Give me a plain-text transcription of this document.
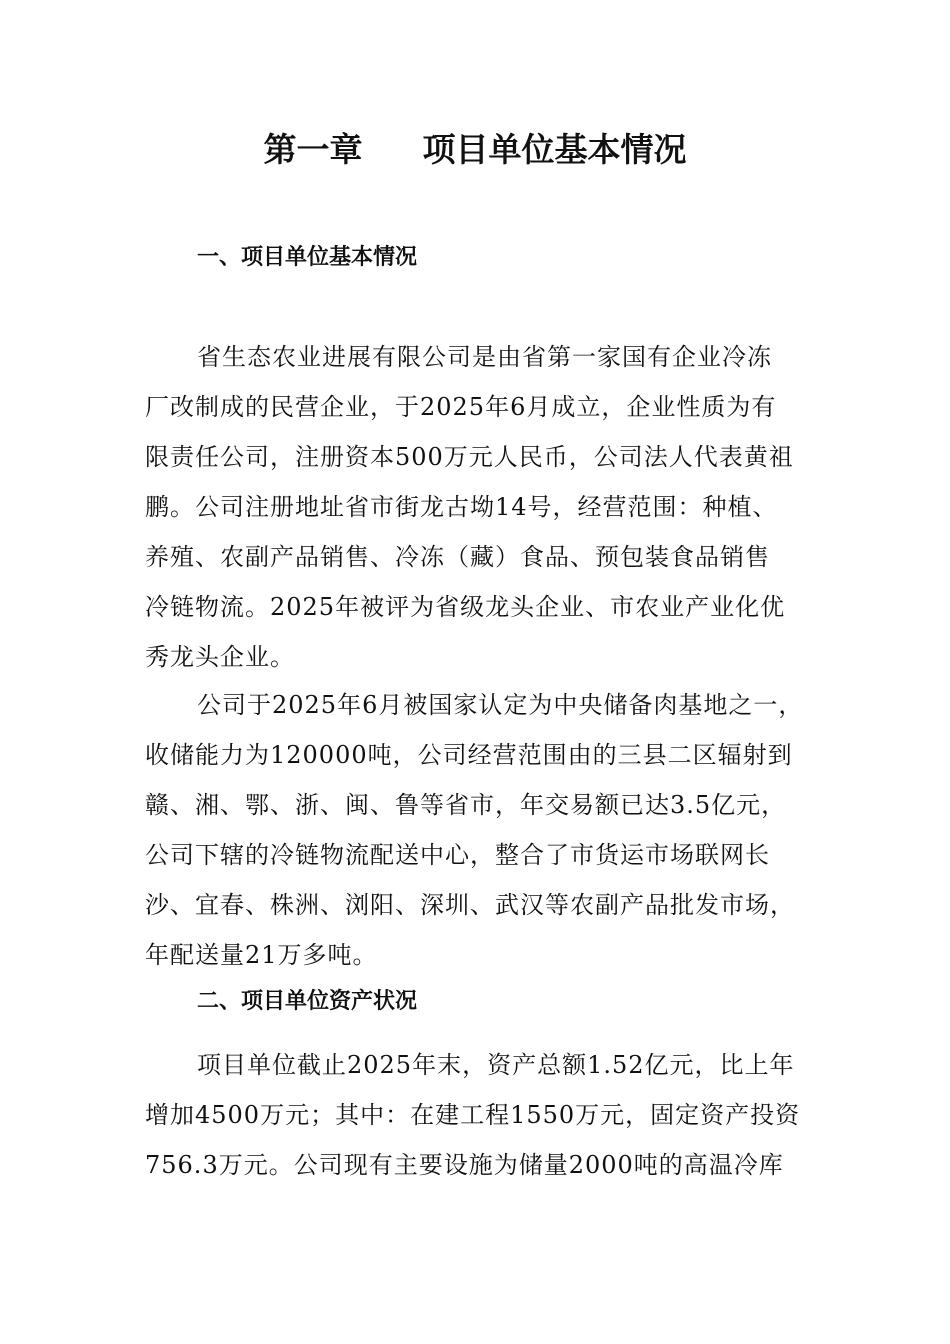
第一章 项目单位基本情况
一、项目单位基本情况
省生态农业进展有限公司是由省第一家国有企业冷冻
厂改制成的民营企业，于2025年6月成立，企业性质为有
限责任公司，注册资本500万元人民币，公司法人代表黄祖
鹏。公司注册地址省市街龙古坳14号，经营范围：种植、
养殖、农副产品销售、冷冻（藏）食品、预包装食品销售
冷链物流。2025年被评为省级龙头企业、市农业产业化优
秀龙头企业。
公司于2025年6月被国家认定为中央储备肉基地之一，
收储能力为120000吨，公司经营范围由的三县二区辐射到
赣、湘、鄂、浙、闽、鲁等省市，年交易额已达3.5亿元，
公司下辖的冷链物流配送中心，整合了市货运市场联网长
沙、宜春、株洲、浏阳、深圳、武汉等农副产品批发市场，
年配送量21万多吨。
二、项目单位资产状况
项目单位截止2025年末，资产总额1.52亿元，比上年
增加4500万元；其中：在建工程1550万元，固定资产投资
756.3万元。公司现有主要设施为储量2000吨的高温冷库
